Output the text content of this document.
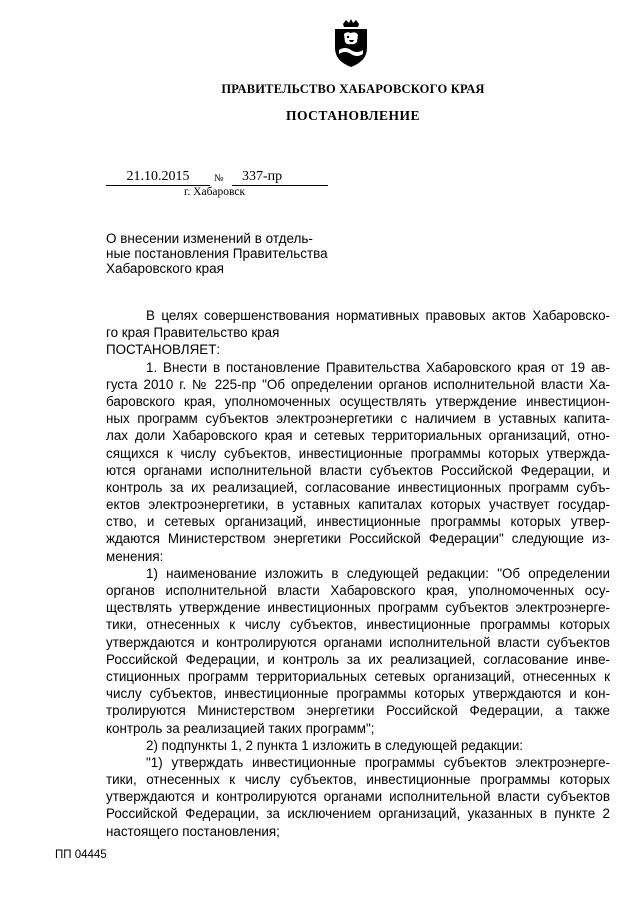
ПРАВИТЕЛЬСТВО ХАБАРОВСКОГО КРАЯ
ПОСТАНОВЛЕНИЕ
21.10.2015	№	337-пр
г. Хабаровск
О внесении изменений в отдель-
ные постановления Правительства
Хабаровского края
В целях совершенствования нормативных правовых актов Хабаровско-
го края Правительство края
ПОСТАНОВЛЯЕТ:
1. Внести в постановление Правительства Хабаровского края от 19 ав-
густа 2010 г. № 225-пр "Об определении органов исполнительной власти Ха-
баровского края, уполномоченных осуществлять утверждение инвестицион-
ных программ субъектов электроэнергетики с наличием в уставных капита-
лах доли Хабаровского края и сетевых территориальных организаций, отно-
сящихся к числу субъектов, инвестиционные программы которых утвержда-
ются органами исполнительной власти субъектов Российской Федерации, и
контроль за их реализацией, согласование инвестиционных программ субъ-
ектов электроэнергетики, в уставных капиталах которых участвует государ-
ство, и сетевых организаций, инвестиционные программы которых утвер-
ждаются Министерством энергетики Российской Федерации" следующие из-
менения:
1) наименование изложить в следующей редакции: "Об определении
органов исполнительной власти Хабаровского края, уполномоченных осу-
ществлять утверждение инвестиционных программ субъектов электроэнерге-
тики, отнесенных к числу субъектов, инвестиционные программы которых
утверждаются и контролируются органами исполнительной власти субъектов
Российской Федерации, и контроль за их реализацией, согласование инве-
стиционных программ территориальных сетевых организаций, отнесенных к
числу субъектов, инвестиционные программы которых утверждаются и кон-
тролируются Министерством энергетики Российской Федерации, а также
контроль за реализацией таких программ";
2) подпункты 1, 2 пункта 1 изложить в следующей редакции:
"1) утверждать инвестиционные программы субъектов электроэнерге-
тики, отнесенных к числу субъектов, инвестиционные программы которых
утверждаются и контролируются органами исполнительной власти субъектов
Российской Федерации, за исключением организаций, указанных в пункте 2
настоящего постановления;
ПП 04445
